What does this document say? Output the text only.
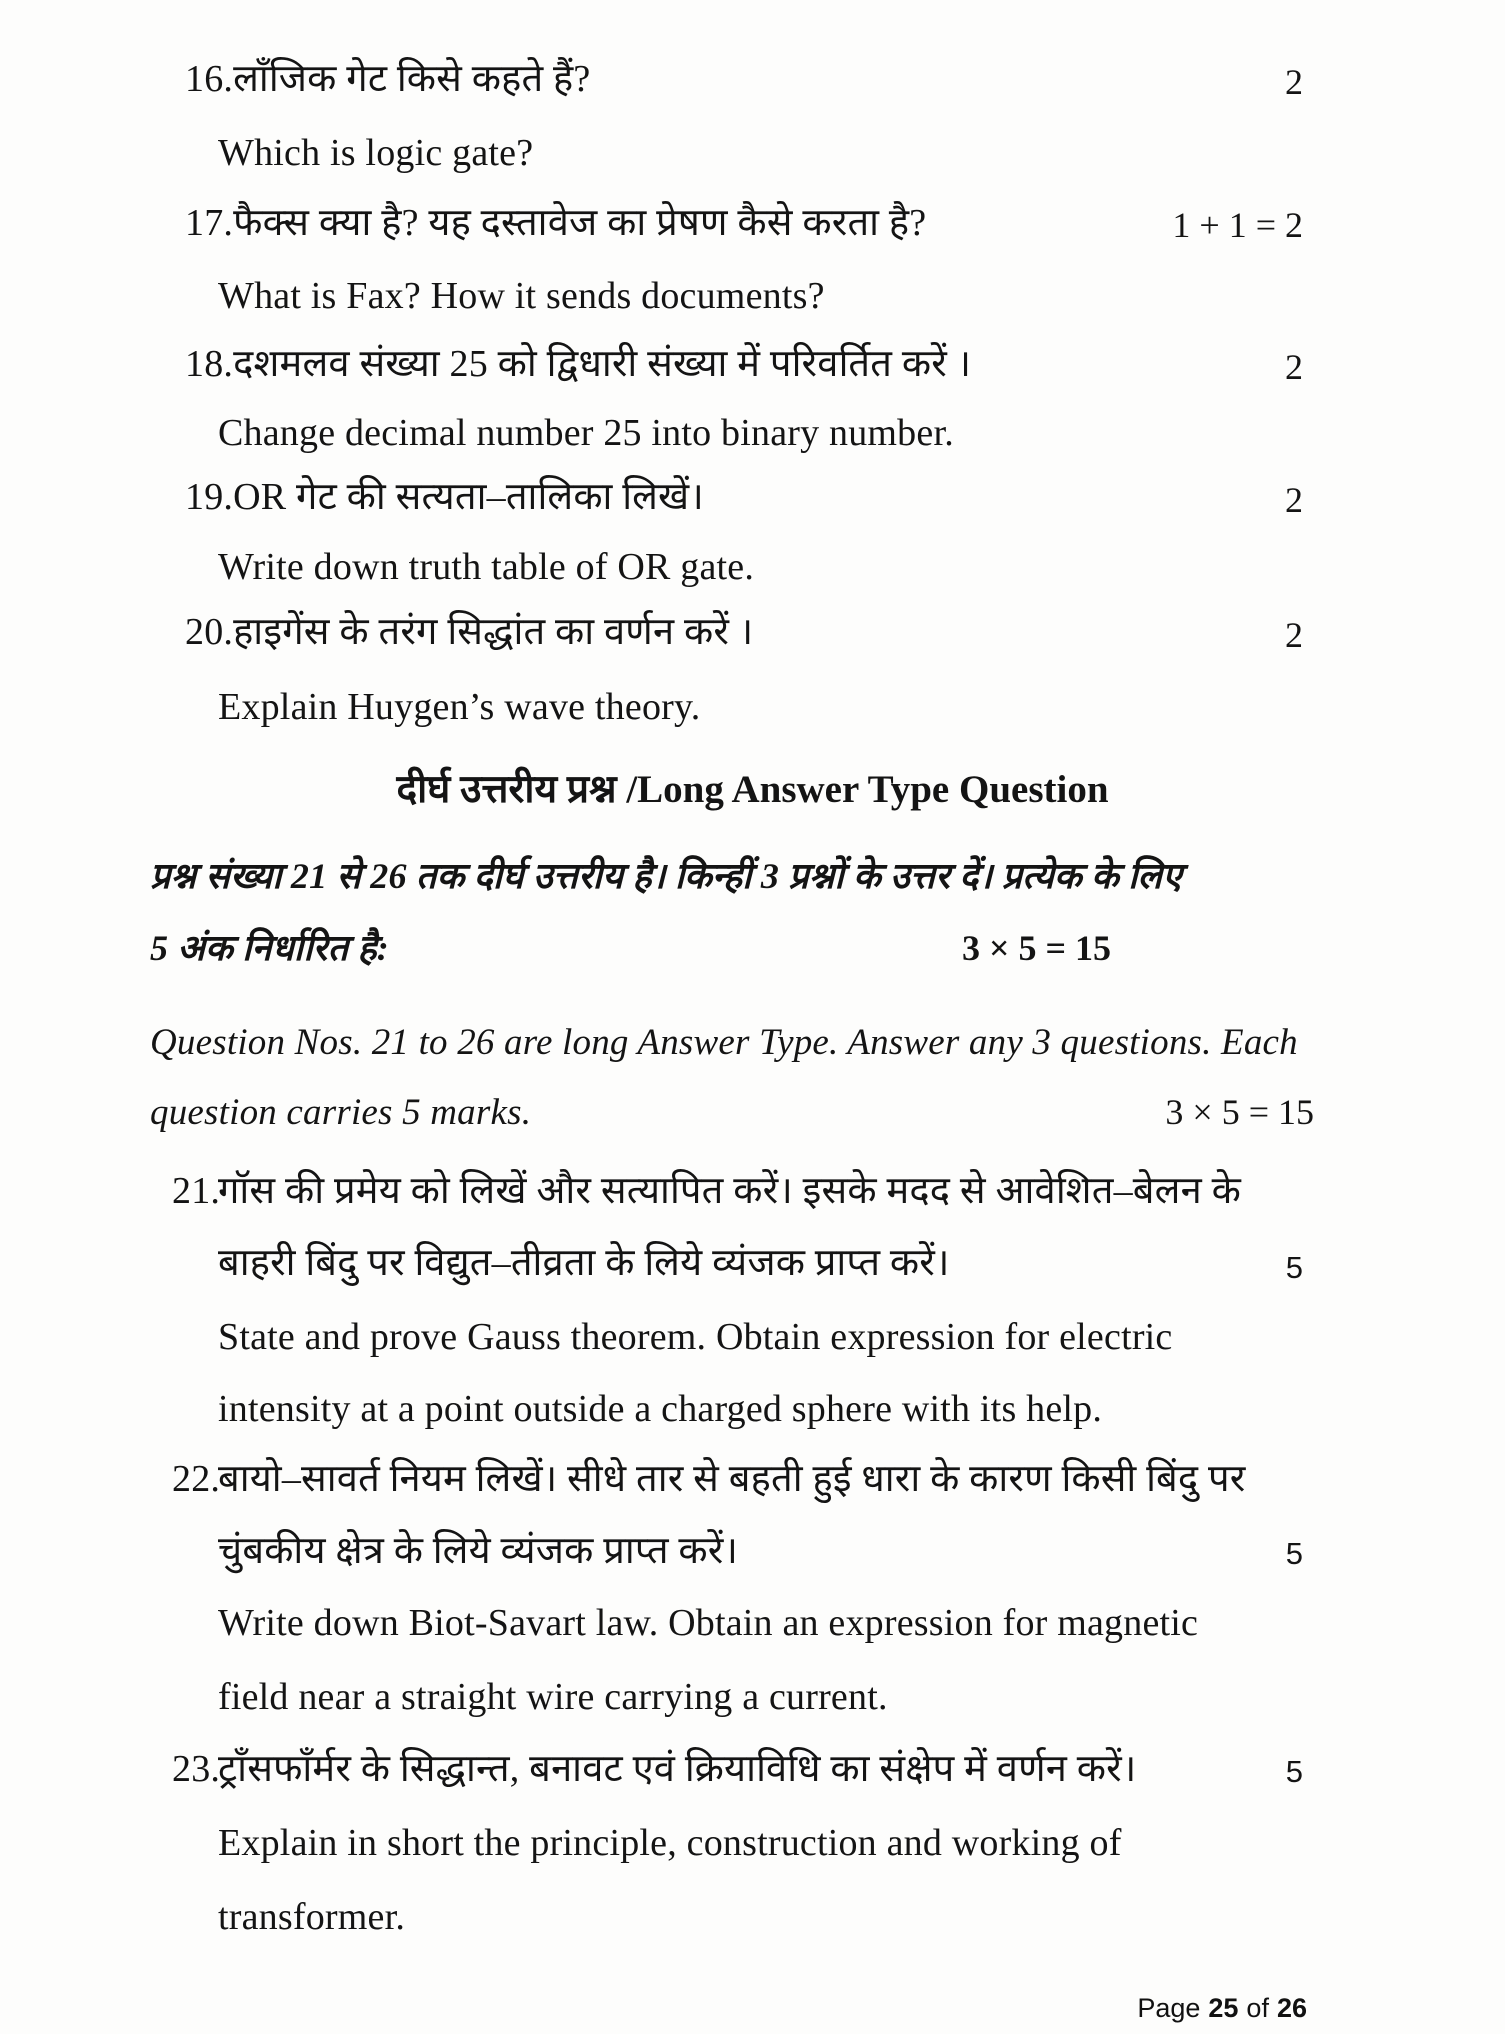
16.लाँजिक गेट किसे कहते हैं?	2
Which is logic gate?
17.फैक्स क्या है? यह दस्तावेज का प्रेषण कैसे करता है?	1 + 1 = 2
What is Fax? How it sends documents?
18.दशमलव संख्या 25 को द्विधारी संख्या में परिवर्तित करें ।	2
Change decimal number 25 into binary number.
19.OR गेट की सत्यता–तालिका लिखें।	2
Write down truth table of OR gate.
20.हाइगेंस के तरंग सिद्धांत का वर्णन करें ।	2
Explain Huygen’s wave theory.
दीर्घ उत्तरीय प्रश्न /Long Answer Type Question
प्रश्न संख्या 21 से 26 तक दीर्घ उत्तरीय है। किन्हीं 3 प्रश्नों के उत्तर दें। प्रत्येक के लिए
5 अंक निर्धारित है:	3 × 5 = 15
Question Nos. 21 to 26 are long Answer Type. Answer any 3 questions. Each
question carries 5 marks.	3 × 5 = 15
21.गॉस की प्रमेय को लिखें और सत्यापित करें। इसके मदद से आवेशित–बेलन के
बाहरी बिंदु पर विद्युत–तीव्रता के लिये व्यंजक प्राप्त करें।	5
State and prove Gauss theorem. Obtain expression for electric
intensity at a point outside a charged sphere with its help.
22.बायो–सावर्त नियम लिखें। सीधे तार से बहती हुई धारा के कारण किसी बिंदु पर
चुंबकीय क्षेत्र के लिये व्यंजक प्राप्त करें।	5
Write down Biot-Savart law. Obtain an expression for magnetic
field near a straight wire carrying a current.
23.ट्राँसफाँर्मर के सिद्धान्त, बनावट एवं क्रियाविधि का संक्षेप में वर्णन करें।	5
Explain in short the principle, construction and working of
transformer.
Page 25 of 26
